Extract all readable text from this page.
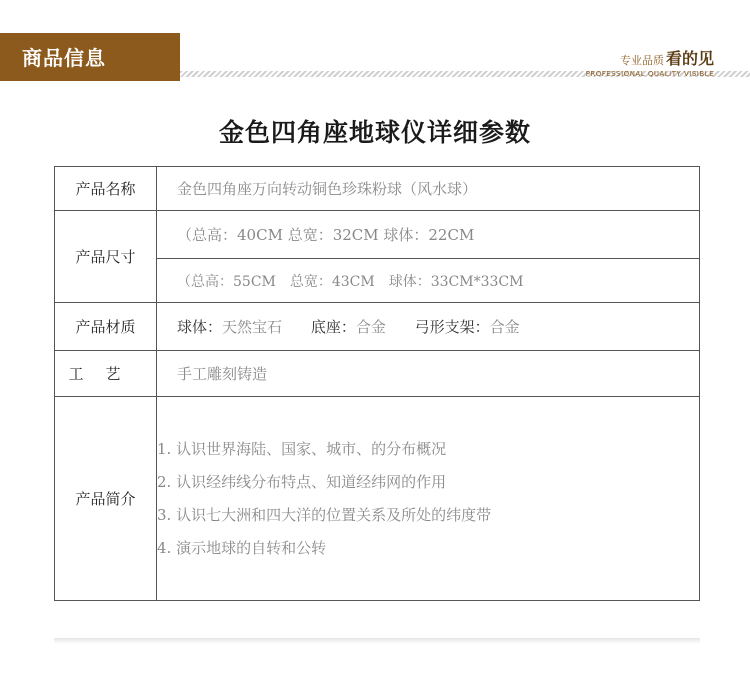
商品信息	专业品质 看的见
PROFESSIONAL QUALITY VISIBLE
金色四角座地球仪详细参数
产品名称	金色四角座万向转动铜色珍珠粉球（风水球）
产品尺寸	（总高：40CM 总宽：32CM 球体：22CM
	（总高：55CM　总宽：43CM　球体：33CM*33CM
产品材质	球体：天然宝石 底座：合金 弓形支架：合金
工艺	手工雕刻铸造
产品简介	1. 认识世界海陆、国家、城市、的分布概况
2. 认识经纬线分布特点、知道经纬网的作用
3. 认识七大洲和四大洋的位置关系及所处的纬度带
4. 演示地球的自转和公转
